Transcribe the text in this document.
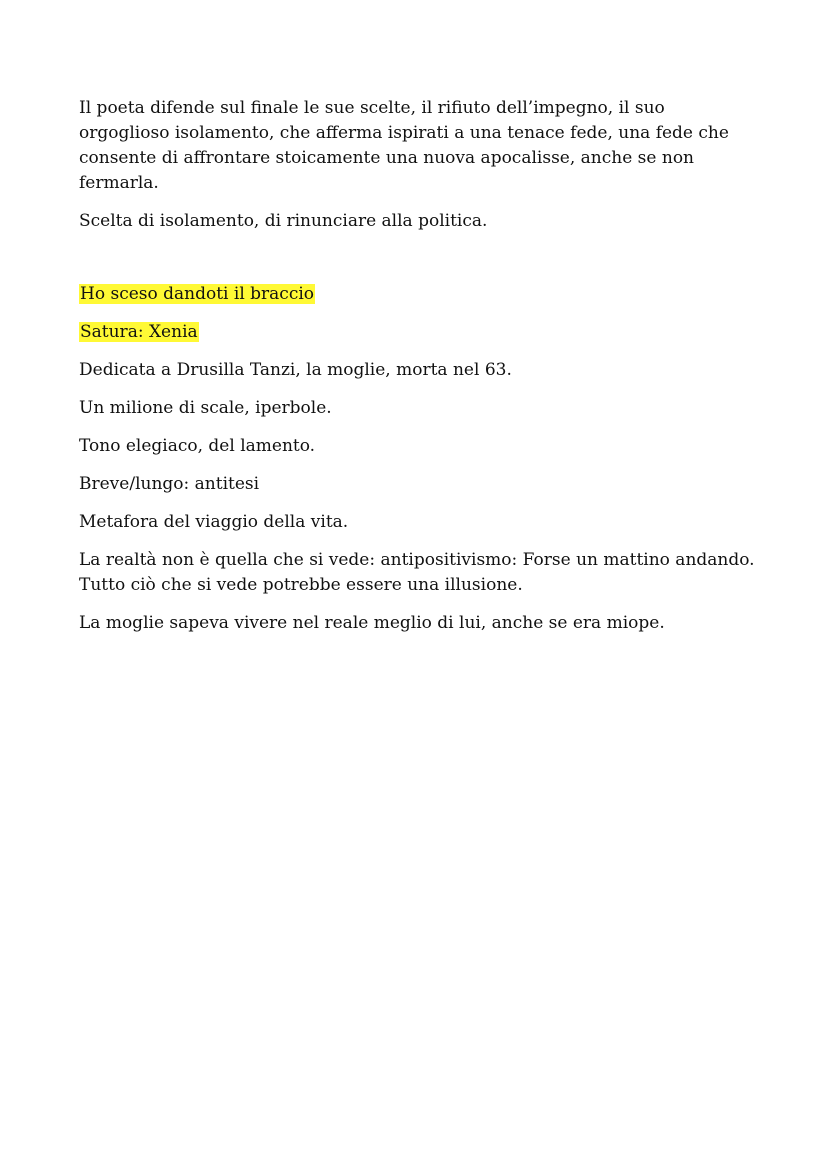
Il poeta difende sul finale le sue scelte, il rifiuto dell’impegno, il suo orgoglioso isolamento, che afferma ispirati a una tenace fede, una fede che consente di affrontare stoicamente una nuova apocalisse, anche se non fermarla.

Scelta di isolamento, di rinunciare alla politica.

Ho sceso dandoti il braccio

Satura: Xenia

Dedicata a Drusilla Tanzi, la moglie, morta nel 63.

Un milione di scale, iperbole.

Tono elegiaco, del lamento.

Breve/lungo: antitesi

Metafora del viaggio della vita.

La realtà non è quella che si vede: antipositivismo: Forse un mattino andando. Tutto ciò che si vede potrebbe essere una illusione.

La moglie sapeva vivere nel reale meglio di lui, anche se era miope.
